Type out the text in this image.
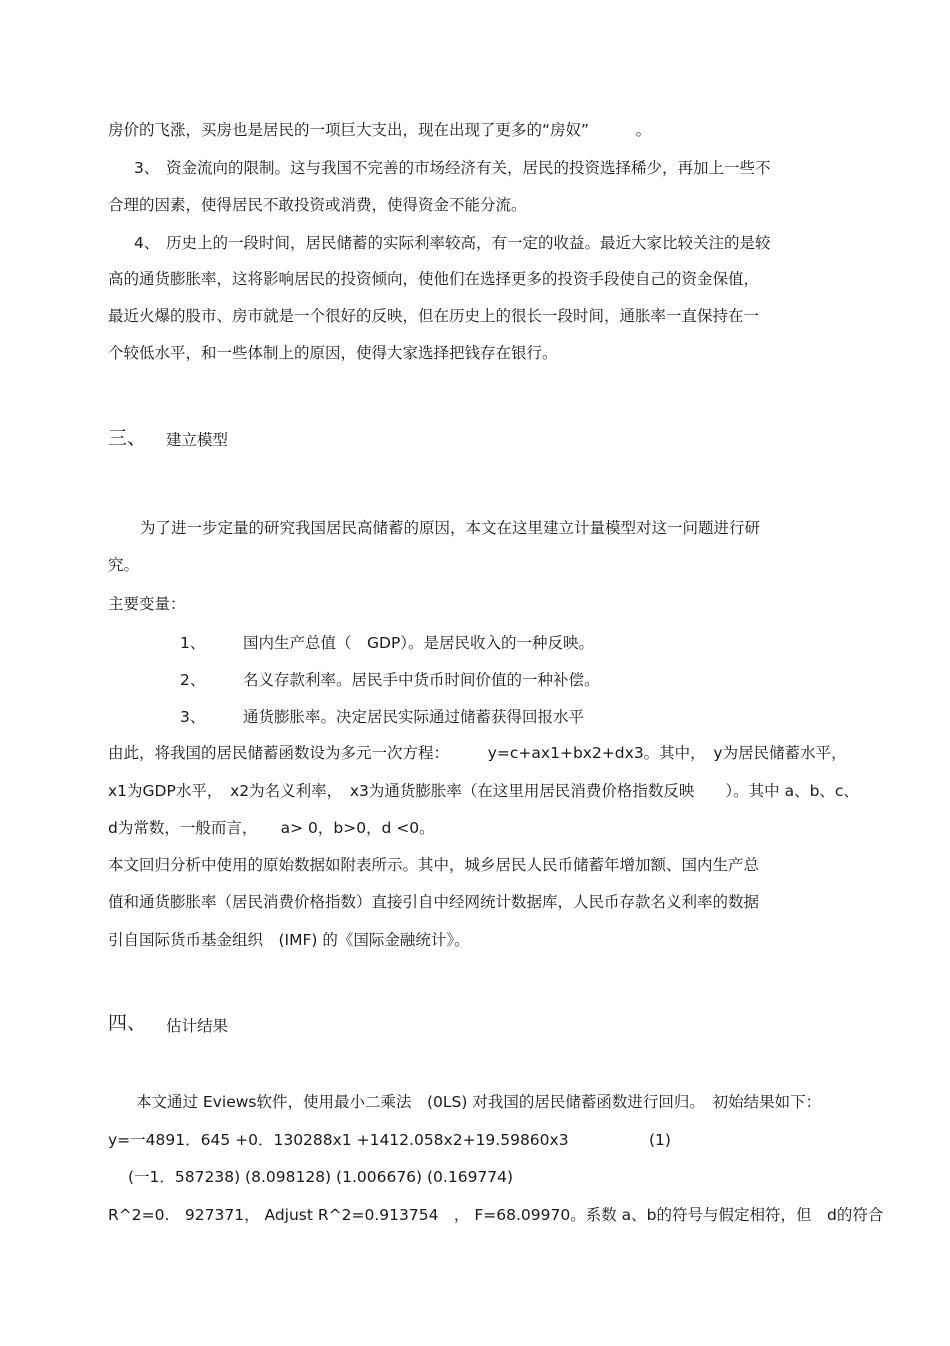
房价的飞涨，买房也是居民的一项巨大支出，现在出现了更多的“房奴”　　　。
3、 资金流向的限制。这与我国不完善的市场经济有关，居民的投资选择稀少，再加上一些不
合理的因素，使得居民不敢投资或消费，使得资金不能分流。
4、 历史上的一段时间，居民储蓄的实际利率较高，有一定的收益。最近大家比较关注的是较
高的通货膨胀率，这将影响居民的投资倾向，使他们在选择更多的投资手段使自己的资金保值，
最近火爆的股市、房市就是一个很好的反映，但在历史上的很长一段时间，通胀率一直保持在一
个较低水平，和一些体制上的原因，使得大家选择把钱存在银行。
三、 建立模型
为了进一步定量的研究我国居民高储蓄的原因，本文在这里建立计量模型对这一问题进行研
究。
主要变量：
1、 国内生产总值（　GDP）。是居民收入的一种反映。
2、 名义存款利率。居民手中货币时间价值的一种补偿。
3、 通货膨胀率。决定居民实际通过储蓄获得回报水平
由此，将我国的居民储蓄函数设为多元一次方程：　　　y=c+ax1+bx2+dx3。其中，　y为居民储蓄水平，
x1为GDP水平，　x2为名义利率，　x3为通货膨胀率（在这里用居民消费价格指数反映　　）。其中 a、b、c、
d为常数，一般而言，　　a> 0，b>0，d <0。
本文回归分析中使用的原始数据如附表所示。其中，城乡居民人民币储蓄年增加额、国内生产总
值和通货膨胀率（居民消费价格指数）直接引自中经网统计数据库，人民币存款名义利率的数据
引自国际货币基金组织　(IMF) 的《国际金融统计》。
四、 估计结果
本文通过 Eviews软件，使用最小二乘法　(0LS) 对我国的居民储蓄函数进行回归。　初始结果如下：
y=一4891．645 +0．130288x1 +1412.058x2+19.59860x3	(1)
(一1．587238) (8.098128) (1.006676) (0.169774)
R^2=0.　927371， Adjust R^2=0.913754　， F=68.09970。系数 a、b的符号与假定相符，但　d的符合
